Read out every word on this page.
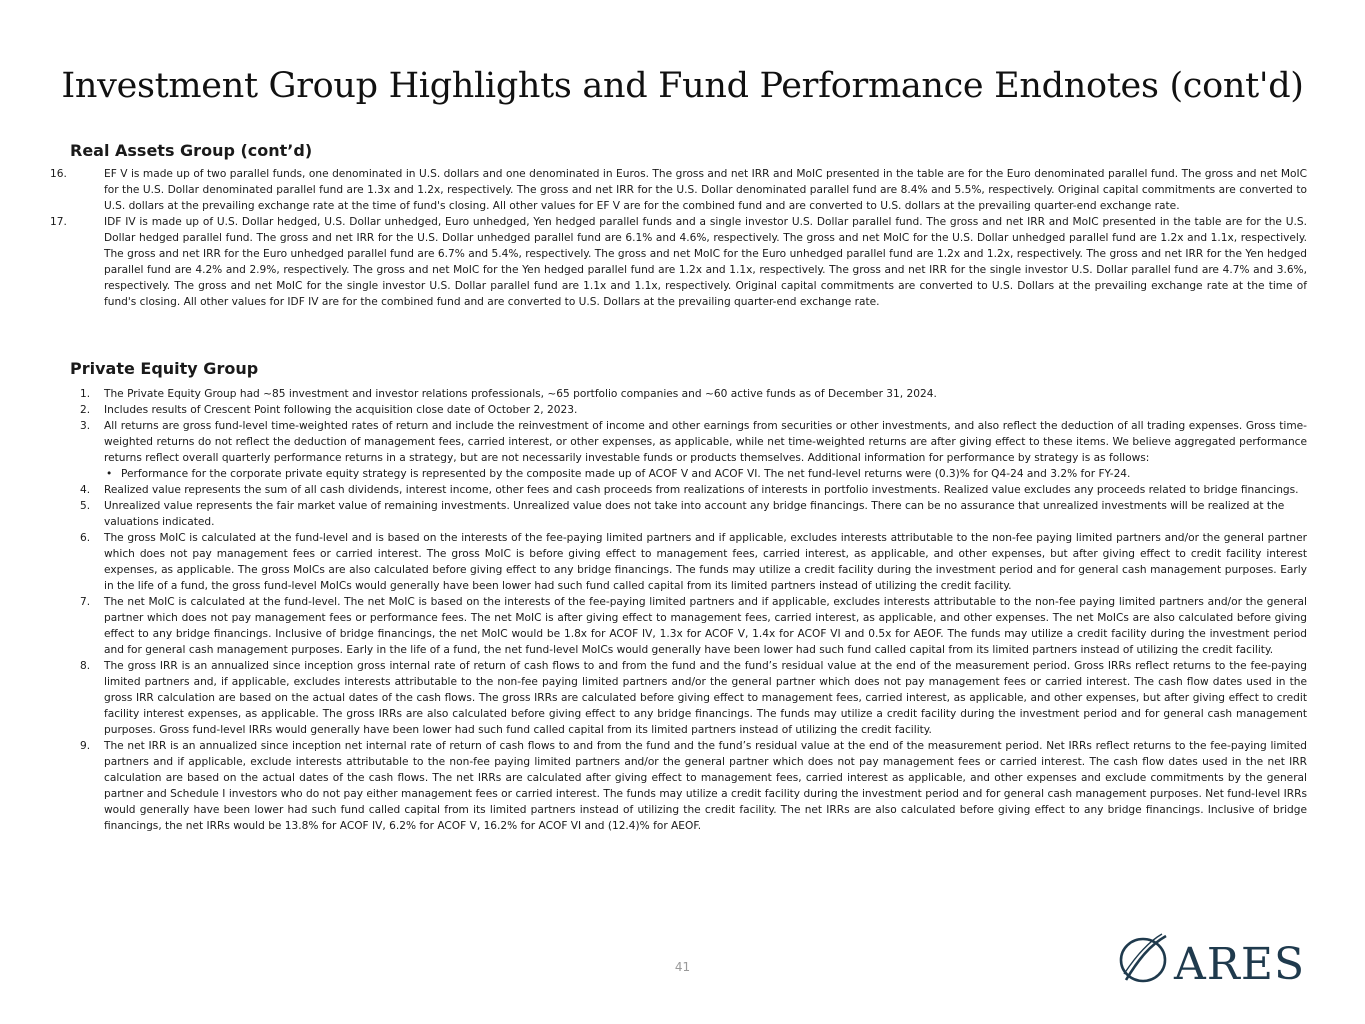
Investment Group Highlights and Fund Performance Endnotes (cont'd)
Real Assets Group (cont’d)
16.	EF V is made up of two parallel funds, one denominated in U.S. dollars and one denominated in Euros. The gross and net IRR and MoIC presented in the table are for the Euro denominated parallel fund. The gross and net MoIC for the U.S. Dollar denominated parallel fund are 1.3x and 1.2x, respectively. The gross and net IRR for the U.S. Dollar denominated parallel fund are 8.4% and 5.5%, respectively. Original capital commitments are converted to U.S. dollars at the prevailing exchange rate at the time of fund's closing. All other values for EF V are for the combined fund and are converted to U.S. dollars at the prevailing quarter-end exchange rate.
17.	IDF IV is made up of U.S. Dollar hedged, U.S. Dollar unhedged, Euro unhedged, Yen hedged parallel funds and a single investor U.S. Dollar parallel fund. The gross and net IRR and MoIC presented in the table are for the U.S. Dollar hedged parallel fund. The gross and net IRR for the U.S. Dollar unhedged parallel fund are 6.1% and 4.6%, respectively. The gross and net MoIC for the U.S. Dollar unhedged parallel fund are 1.2x and 1.1x, respectively. The gross and net IRR for the Euro unhedged parallel fund are 6.7% and 5.4%, respectively. The gross and net MoIC for the Euro unhedged parallel fund are 1.2x and 1.2x, respectively. The gross and net IRR for the Yen hedged parallel fund are 4.2% and 2.9%, respectively. The gross and net MoIC for the Yen hedged parallel fund are 1.2x and 1.1x, respectively. The gross and net IRR for the single investor U.S. Dollar parallel fund are 4.7% and 3.6%, respectively. The gross and net MoIC for the single investor U.S. Dollar parallel fund are 1.1x and 1.1x, respectively. Original capital commitments are converted to U.S. Dollars at the prevailing exchange rate at the time of fund's closing. All other values for IDF IV are for the combined fund and are converted to U.S. Dollars at the prevailing quarter-end exchange rate.
Private Equity Group
1. The Private Equity Group had ~85 investment and investor relations professionals, ~65 portfolio companies and ~60 active funds as of December 31, 2024.
2. Includes results of Crescent Point following the acquisition close date of October 2, 2023.
3. All returns are gross fund-level time-weighted rates of return and include the reinvestment of income and other earnings from securities or other investments, and also reflect the deduction of all trading expenses. Gross time-weighted returns do not reflect the deduction of management fees, carried interest, or other expenses, as applicable, while net time-weighted returns are after giving effect to these items. We believe aggregated performance returns reflect overall quarterly performance returns in a strategy, but are not necessarily investable funds or products themselves. Additional information for performance by strategy is as follows:
• Performance for the corporate private equity strategy is represented by the composite made up of ACOF V and ACOF VI. The net fund-level returns were (0.3)% for Q4-24 and 3.2% for FY-24.
4. Realized value represents the sum of all cash dividends, interest income, other fees and cash proceeds from realizations of interests in portfolio investments. Realized value excludes any proceeds related to bridge financings.
5. Unrealized value represents the fair market value of remaining investments. Unrealized value does not take into account any bridge financings. There can be no assurance that unrealized investments will be realized at the valuations indicated.
6. The gross MoIC is calculated at the fund-level and is based on the interests of the fee-paying limited partners and if applicable, excludes interests attributable to the non-fee paying limited partners and/or the general partner which does not pay management fees or carried interest. The gross MoIC is before giving effect to management fees, carried interest, as applicable, and other expenses, but after giving effect to credit facility interest expenses, as applicable. The gross MoICs are also calculated before giving effect to any bridge financings. The funds may utilize a credit facility during the investment period and for general cash management purposes. Early in the life of a fund, the gross fund-level MoICs would generally have been lower had such fund called capital from its limited partners instead of utilizing the credit facility.
7. The net MoIC is calculated at the fund-level. The net MoIC is based on the interests of the fee-paying limited partners and if applicable, excludes interests attributable to the non-fee paying limited partners and/or the general partner which does not pay management fees or performance fees. The net MoIC is after giving effect to management fees, carried interest, as applicable, and other expenses. The net MoICs are also calculated before giving effect to any bridge financings. Inclusive of bridge financings, the net MoIC would be 1.8x for ACOF IV, 1.3x for ACOF V, 1.4x for ACOF VI and 0.5x for AEOF. The funds may utilize a credit facility during the investment period and for general cash management purposes. Early in the life of a fund, the net fund-level MoICs would generally have been lower had such fund called capital from its limited partners instead of utilizing the credit facility.
8. The gross IRR is an annualized since inception gross internal rate of return of cash flows to and from the fund and the fund’s residual value at the end of the measurement period. Gross IRRs reflect returns to the fee-paying limited partners and, if applicable, excludes interests attributable to the non-fee paying limited partners and/or the general partner which does not pay management fees or carried interest. The cash flow dates used in the gross IRR calculation are based on the actual dates of the cash flows. The gross IRRs are calculated before giving effect to management fees, carried interest, as applicable, and other expenses, but after giving effect to credit facility interest expenses, as applicable. The gross IRRs are also calculated before giving effect to any bridge financings. The funds may utilize a credit facility during the investment period and for general cash management purposes. Gross fund-level IRRs would generally have been lower had such fund called capital from its limited partners instead of utilizing the credit facility.
9. The net IRR is an annualized since inception net internal rate of return of cash flows to and from the fund and the fund’s residual value at the end of the measurement period. Net IRRs reflect returns to the fee-paying limited partners and if applicable, exclude interests attributable to the non-fee paying limited partners and/or the general partner which does not pay management fees or carried interest. The cash flow dates used in the net IRR calculation are based on the actual dates of the cash flows. The net IRRs are calculated after giving effect to management fees, carried interest as applicable, and other expenses and exclude commitments by the general partner and Schedule I investors who do not pay either management fees or carried interest. The funds may utilize a credit facility during the investment period and for general cash management purposes. Net fund-level IRRs would generally have been lower had such fund called capital from its limited partners instead of utilizing the credit facility. The net IRRs are also calculated before giving effect to any bridge financings. Inclusive of bridge financings, the net IRRs would be 13.8% for ACOF IV, 6.2% for ACOF V, 16.2% for ACOF VI and (12.4)% for AEOF.
41	ARES
